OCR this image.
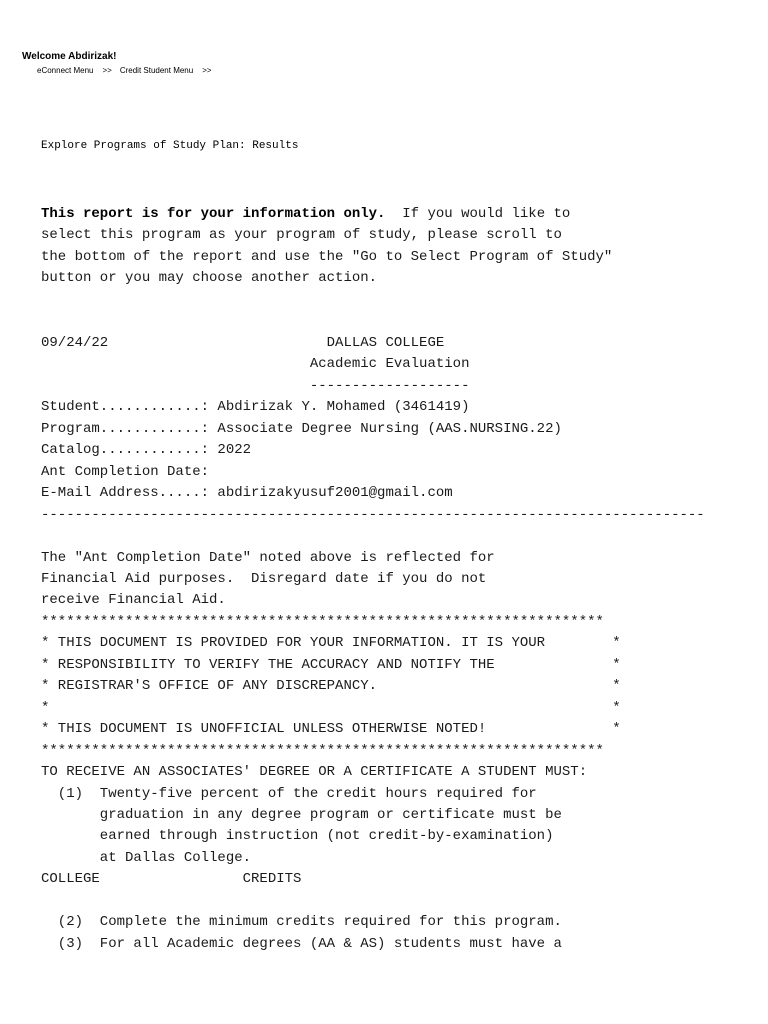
Welcome Abdirizak!
eConnect Menu >> Credit Student Menu >>
Explore Programs of Study Plan: Results
This report is for your information only.  If you would like to
select this program as your program of study, please scroll to
the bottom of the report and use the "Go to Select Program of Study"
button or you may choose another action.
09/24/22                          DALLAS COLLEGE
Academic Evaluation
-------------------
Student............: Abdirizak Y. Mohamed (3461419)
Program............: Associate Degree Nursing (AAS.NURSING.22)
Catalog............: 2022
Ant Completion Date:
E-Mail Address.....: abdirizakyusuf2001@gmail.com
-------------------------------------------------------------------------------

The "Ant Completion Date" noted above is reflected for
Financial Aid purposes.  Disregard date if you do not
receive Financial Aid.
*******************************************************************
* THIS DOCUMENT IS PROVIDED FOR YOUR INFORMATION. IT IS YOUR        *
* RESPONSIBILITY TO VERIFY THE ACCURACY AND NOTIFY THE              *
* REGISTRAR'S OFFICE OF ANY DISCREPANCY.                            *
*                                                                   *
* THIS DOCUMENT IS UNOFFICIAL UNLESS OTHERWISE NOTED!               *
*******************************************************************
TO RECEIVE AN ASSOCIATES' DEGREE OR A CERTIFICATE A STUDENT MUST:
(1)  Twenty-five percent of the credit hours required for
graduation in any degree program or certificate must be
earned through instruction (not credit-by-examination)
at Dallas College.
COLLEGE                 CREDITS

(2)  Complete the minimum credits required for this program.
(3)  For all Academic degrees (AA & AS) students must have a
